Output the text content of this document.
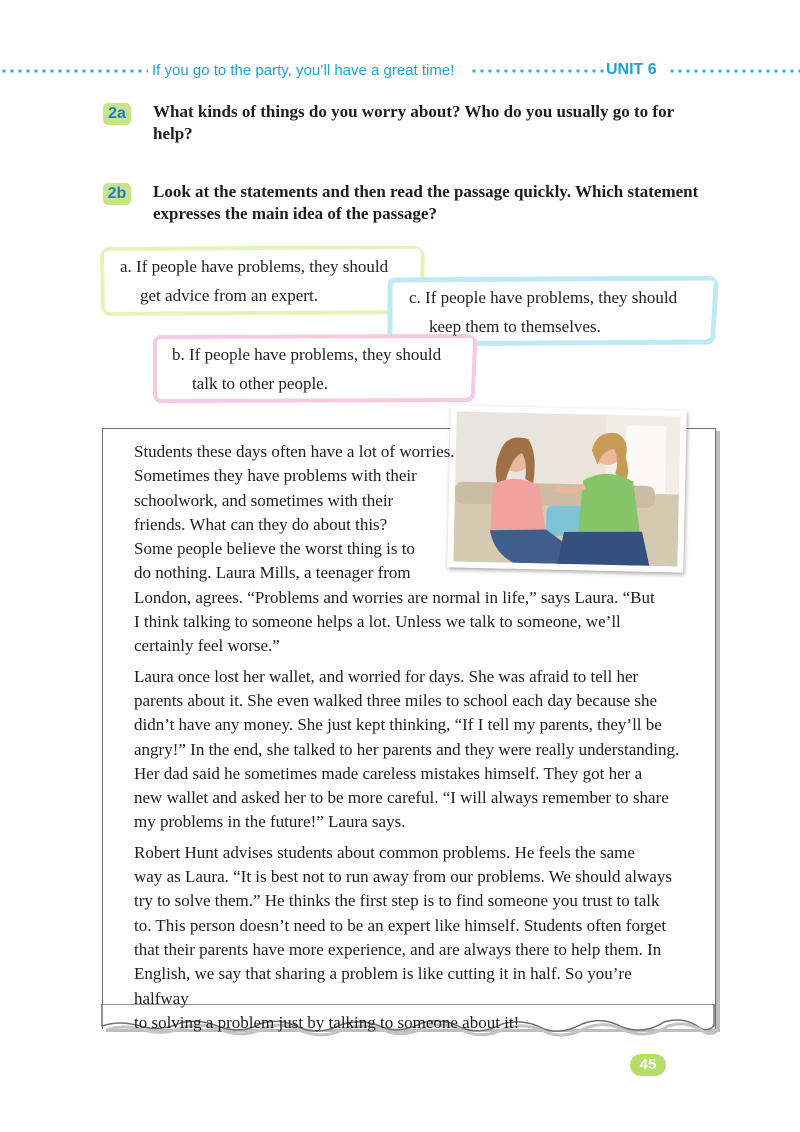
If you go to the party, you’ll have a great time!	UNIT 6
2a	What kinds of things do you worry about? Who do you usually go to for
help?
2b Look at the statements and then read the passage quickly. Which statement
expresses the main idea of the passage?
a. If people have problems, they should
get advice from an expert.	c. If people have problems, they should
keep them to themselves.
b. If people have problems, they should
talk to other people.

Students these days often have a lot of worries.
Sometimes they have problems with their
schoolwork, and sometimes with their
friends. What can they do about this?
Some people believe the worst thing is to
do nothing. Laura Mills, a teenager from
London, agrees. “Problems and worries are normal in life,” says Laura. “But
I think talking to someone helps a lot. Unless we talk to someone, we’ll
certainly feel worse.”

Laura once lost her wallet, and worried for days. She was afraid to tell her
parents about it. She even walked three miles to school each day because she
didn’t have any money. She just kept thinking, “If I tell my parents, they’ll be
angry!” In the end, she talked to her parents and they were really understanding.
Her dad said he sometimes made careless mistakes himself. They got her a
new wallet and asked her to be more careful. “I will always remember to share
my problems in the future!” Laura says.

Robert Hunt advises students about common problems. He feels the same
way as Laura. “It is best not to run away from our problems. We should always
try to solve them.” He thinks the first step is to find someone you trust to talk
to. This person doesn’t need to be an expert like himself. Students often forget
that their parents have more experience, and are always there to help them. In
English, we say that sharing a problem is like cutting it in half. So you’re halfway
to solving a problem just by talking to someone about it!

45
